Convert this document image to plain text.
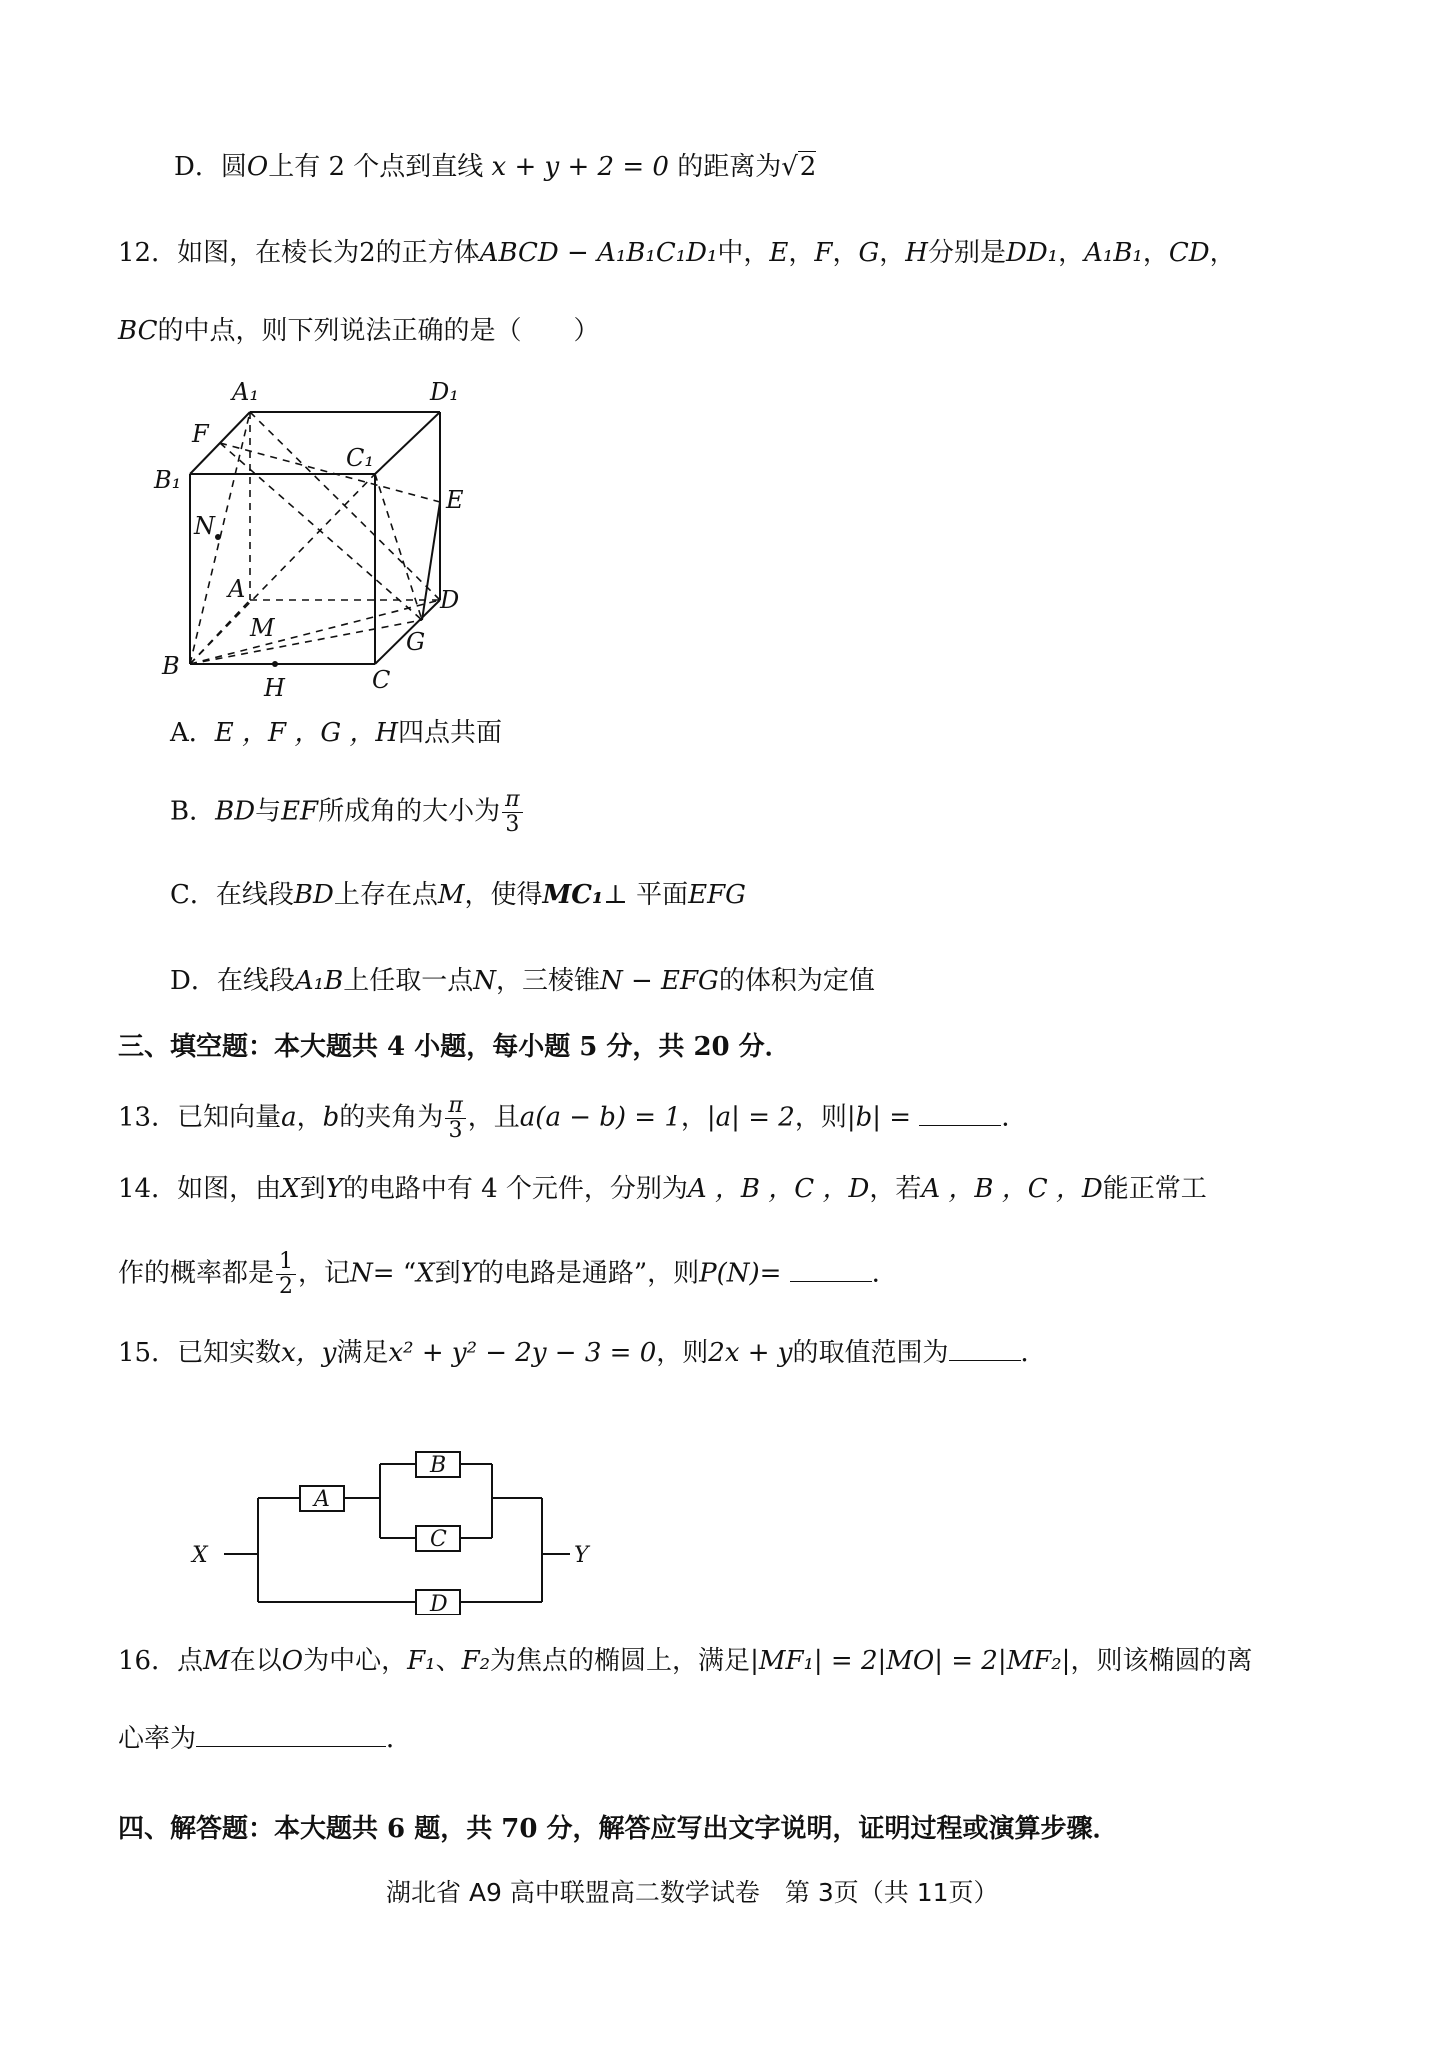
D．圆O上有 2 个点到直线 x + y + 2 = 0 的距离为√2
12．如图，在棱长为2的正方体ABCD − A₁B₁C₁D₁中，E，F，G，H分别是DD₁，A₁B₁，CD，
BC的中点，则下列说法正确的是（　　）
A₁	D₁
F
C₁
B₁
E
N
A	D
M	G
B
H	C
A．E ，F ，G ，H四点共面
B．BD与EF所成角的大小为 $\frac{\pi}{3}$
C．在线段BD上存在点M，使得MC₁⊥ 平面EFG
D．在线段A₁B上任取一点N，三棱锥N − EFG的体积为定值
三、填空题：本大题共 4 小题，每小题 5 分，共 20 分．
13．已知向量a，b的夹角为 $\frac{\pi}{3}$ ，且a(a − b) = 1，|a| = 2，则|b| =	．
14．如图，由X到Y的电路中有 4 个元件，分别为A ，B ，C ，D，若A ，B ，C ，D能正常工
作的概率都是 $\frac{1}{2}$ ，记N= “X到Y的电路是通路”，则P(N)=	．
15．已知实数x，y满足x² + y² − 2y − 3 = 0，则2x + y的取值范围为	．
X	Y
A
B
C
D
16．点M在以O为中心，F₁、F₂为焦点的椭圆上，满足|MF₁| = 2|MO| = 2|MF₂|，则该椭圆的离
心率为	．
四、解答题：本大题共 6 题，共 70 分，解答应写出文字说明，证明过程或演算步骤．
湖北省 A9 高中联盟高二数学试卷　第 3页（共 11页）
